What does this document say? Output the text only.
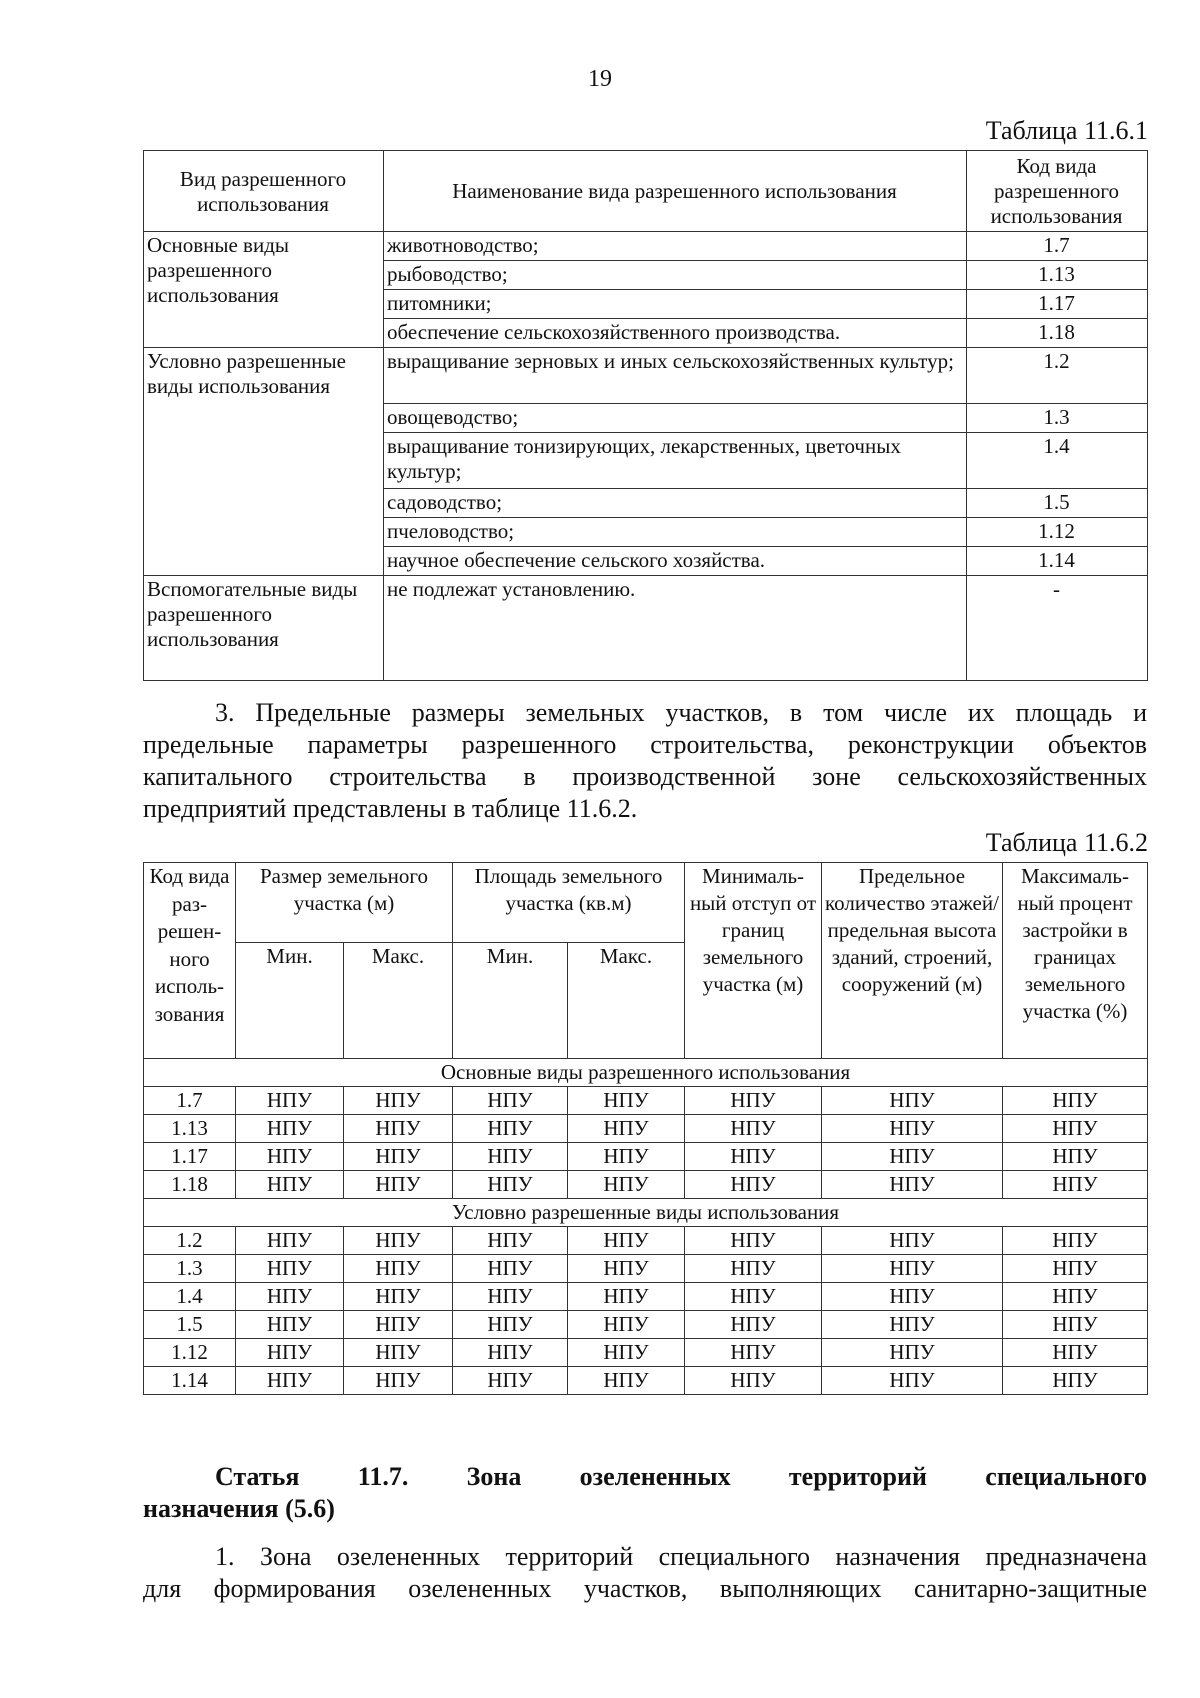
19
Таблица 11.6.1
Вид разрешенного использования	Наименование вида разрешенного использования	Код вида разрешенного использования
Основные виды разрешенного использования	животноводство;	1.7
	рыбоводство;	1.13
	питомники;	1.17
	обеспечение сельскохозяйственного производства.	1.18
Условно разрешенные виды использования	выращивание зерновых и иных сельскохозяйственных культур;	1.2
	овощеводство;	1.3
	выращивание тонизирующих, лекарственных, цветочных культур;	1.4
	садоводство;	1.5
	пчеловодство;	1.12
	научное обеспечение сельского хозяйства.	1.14
Вспомогательные виды разрешенного использования	не подлежат установлению.	-
3. Предельные размеры земельных участков, в том числе их площадь и
предельные параметры разрешенного строительства, реконструкции объектов
капитального строительства в производственной зоне сельскохозяйственных
предприятий представлены в таблице 11.6.2.
Таблица 11.6.2
Код вида раз-решен-ного исполь-зования	Размер земельного участка (м)		Площадь земельного участка (кв.м)		Минималь-ный отступ от границ земельного участка (м)	Предельное количество этажей/ предельная высота зданий, строений, сооружений (м)	Максималь-ный процент застройки в границах земельного участка (%)
	Мин.	Макс.	Мин.	Макс.			
Основные виды разрешенного использования							
1.7	НПУ	НПУ	НПУ	НПУ	НПУ	НПУ	НПУ
1.13	НПУ	НПУ	НПУ	НПУ	НПУ	НПУ	НПУ
1.17	НПУ	НПУ	НПУ	НПУ	НПУ	НПУ	НПУ
1.18	НПУ	НПУ	НПУ	НПУ	НПУ	НПУ	НПУ
Условно разрешенные виды использования							
1.2	НПУ	НПУ	НПУ	НПУ	НПУ	НПУ	НПУ
1.3	НПУ	НПУ	НПУ	НПУ	НПУ	НПУ	НПУ
1.4	НПУ	НПУ	НПУ	НПУ	НПУ	НПУ	НПУ
1.5	НПУ	НПУ	НПУ	НПУ	НПУ	НПУ	НПУ
1.12	НПУ	НПУ	НПУ	НПУ	НПУ	НПУ	НПУ
1.14	НПУ	НПУ	НПУ	НПУ	НПУ	НПУ	НПУ
Статья 11.7. Зона озелененных территорий специального
назначения (5.6)
1. Зона озелененных территорий специального назначения предназначена
для формирования озелененных участков, выполняющих санитарно-защитные
